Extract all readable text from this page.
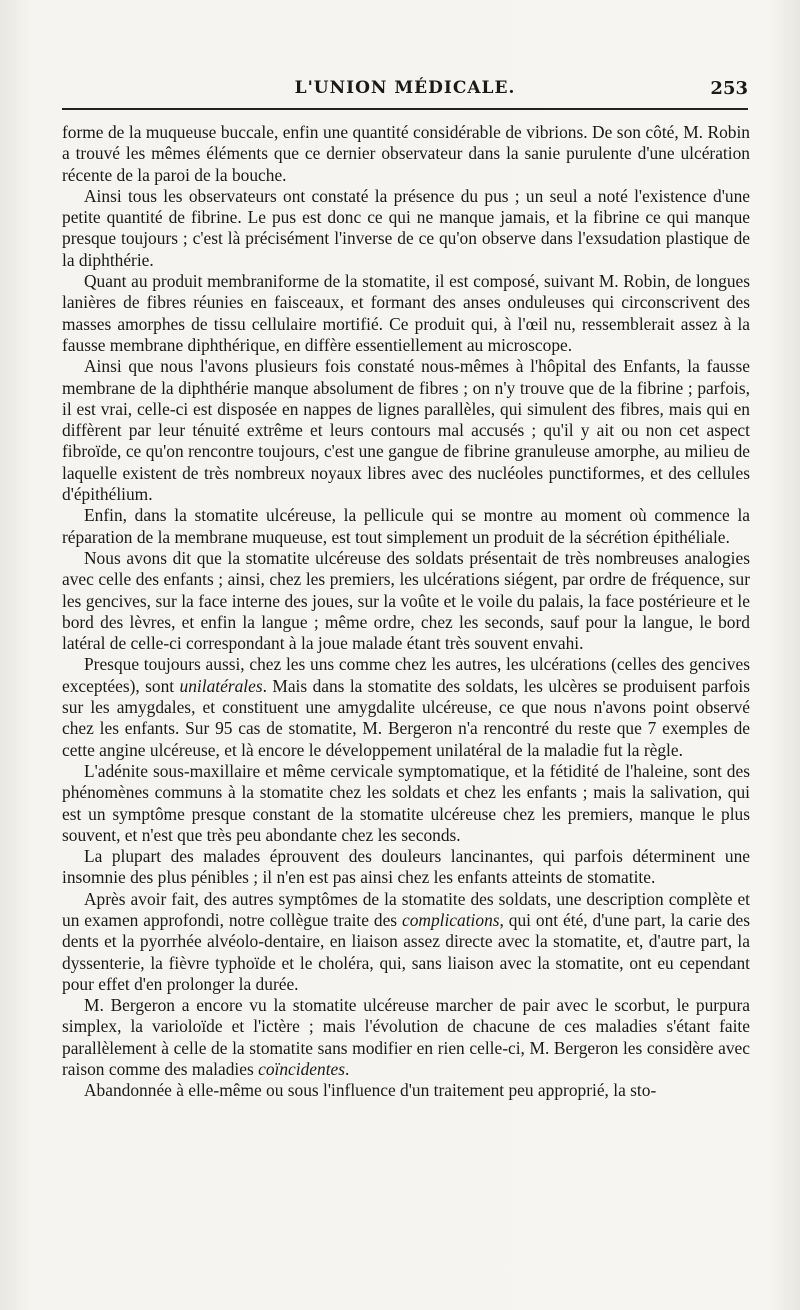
L'UNION MÉDICALE.	253

forme de la muqueuse buccale, enfin une quantité considérable de vibrions. De son côté, M. Robin a trouvé les mêmes éléments que ce dernier observateur dans la sanie purulente d'une ulcération récente de la paroi de la bouche.

Ainsi tous les observateurs ont constaté la présence du pus ; un seul a noté l'existence d'une petite quantité de fibrine. Le pus est donc ce qui ne manque jamais, et la fibrine ce qui manque presque toujours ; c'est là précisément l'inverse de ce qu'on observe dans l'exsudation plastique de la diphthérie.

Quant au produit membraniforme de la stomatite, il est composé, suivant M. Robin, de longues lanières de fibres réunies en faisceaux, et formant des anses onduleuses qui circonscrivent des masses amorphes de tissu cellulaire mortifié. Ce produit qui, à l'œil nu, ressemblerait assez à la fausse membrane diphthérique, en diffère essentiellement au microscope.

Ainsi que nous l'avons plusieurs fois constaté nous-mêmes à l'hôpital des Enfants, la fausse membrane de la diphthérie manque absolument de fibres ; on n'y trouve que de la fibrine ; parfois, il est vrai, celle-ci est disposée en nappes de lignes parallèles, qui simulent des fibres, mais qui en diffèrent par leur ténuité extrême et leurs contours mal accusés ; qu'il y ait ou non cet aspect fibroïde, ce qu'on rencontre toujours, c'est une gangue de fibrine granuleuse amorphe, au milieu de laquelle existent de très nombreux noyaux libres avec des nucléoles punctiformes, et des cellules d'épithélium.

Enfin, dans la stomatite ulcéreuse, la pellicule qui se montre au moment où commence la réparation de la membrane muqueuse, est tout simplement un produit de la sécrétion épithéliale.

Nous avons dit que la stomatite ulcéreuse des soldats présentait de très nombreuses analogies avec celle des enfants ; ainsi, chez les premiers, les ulcérations siégent, par ordre de fréquence, sur les gencives, sur la face interne des joues, sur la voûte et le voile du palais, la face postérieure et le bord des lèvres, et enfin la langue ; même ordre, chez les seconds, sauf pour la langue, le bord latéral de celle-ci correspondant à la joue malade étant très souvent envahi.

Presque toujours aussi, chez les uns comme chez les autres, les ulcérations (celles des gencives exceptées), sont unilatérales. Mais dans la stomatite des soldats, les ulcères se produisent parfois sur les amygdales, et constituent une amygdalite ulcéreuse, ce que nous n'avons point observé chez les enfants. Sur 95 cas de stomatite, M. Bergeron n'a rencontré du reste que 7 exemples de cette angine ulcéreuse, et là encore le développement unilatéral de la maladie fut la règle.

L'adénite sous-maxillaire et même cervicale symptomatique, et la fétidité de l'haleine, sont des phénomènes communs à la stomatite chez les soldats et chez les enfants ; mais la salivation, qui est un symptôme presque constant de la stomatite ulcéreuse chez les premiers, manque le plus souvent, et n'est que très peu abondante chez les seconds.

La plupart des malades éprouvent des douleurs lancinantes, qui parfois déterminent une insomnie des plus pénibles ; il n'en est pas ainsi chez les enfants atteints de stomatite.

Après avoir fait, des autres symptômes de la stomatite des soldats, une description complète et un examen approfondi, notre collègue traite des complications, qui ont été, d'une part, la carie des dents et la pyorrhée alvéolo-dentaire, en liaison assez directe avec la stomatite, et, d'autre part, la dyssenterie, la fièvre typhoïde et le choléra, qui, sans liaison avec la stomatite, ont eu cependant pour effet d'en prolonger la durée.

M. Bergeron a encore vu la stomatite ulcéreuse marcher de pair avec le scorbut, le purpura simplex, la varioloïde et l'ictère ; mais l'évolution de chacune de ces maladies s'étant faite parallèlement à celle de la stomatite sans modifier en rien celle-ci, M. Bergeron les considère avec raison comme des maladies coïncidentes.

Abandonnée à elle-même ou sous l'influence d'un traitement peu approprié, la sto-
